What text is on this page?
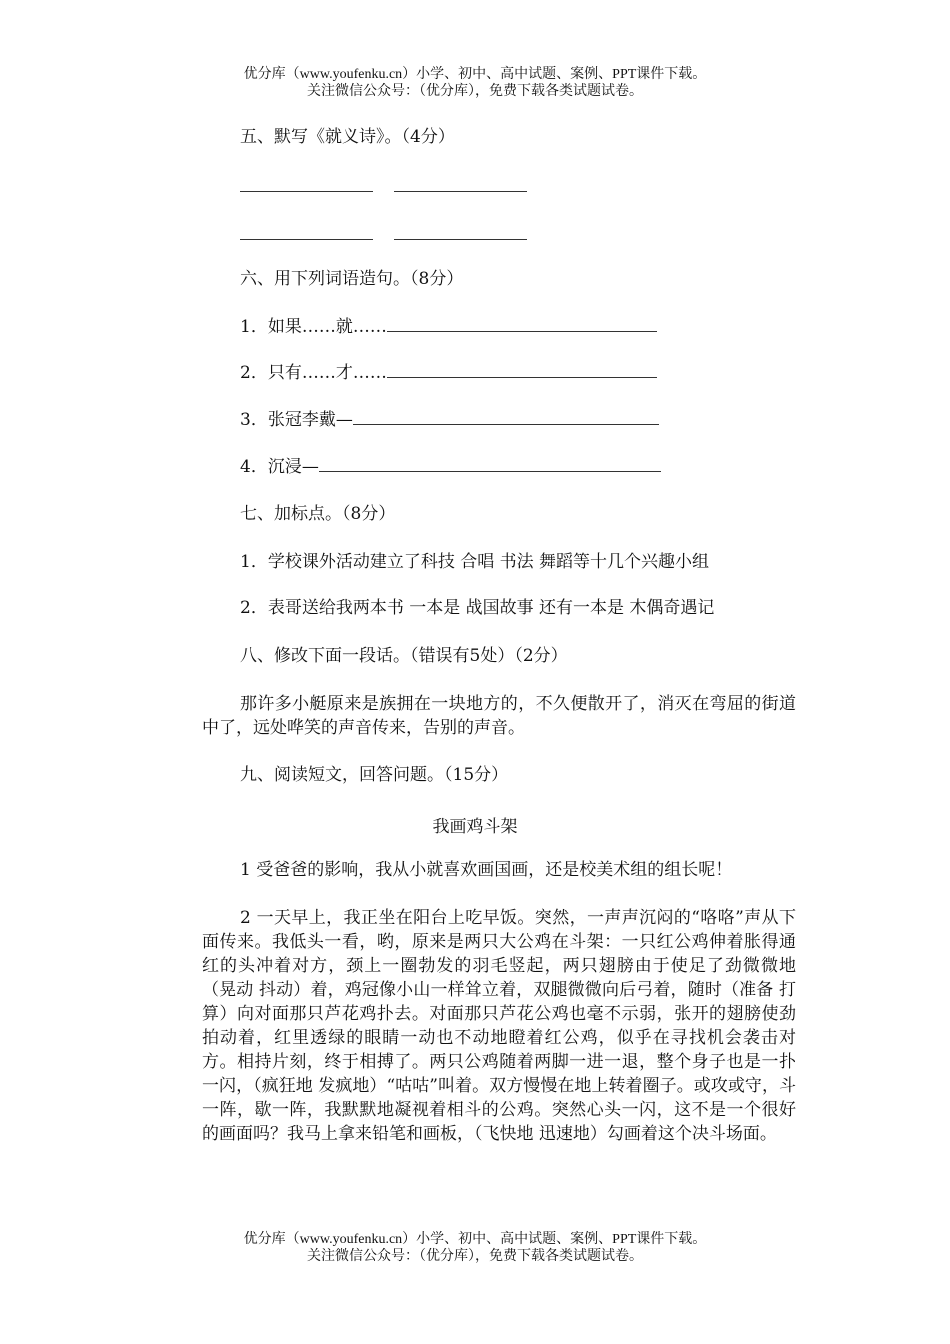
优分库（www.youfenku.cn）小学、初中、高中试题、案例、PPT课件下载。
关注微信公众号：（优分库），免费下载各类试题试卷。
五、默写《就义诗》。（4分）

六、用下列词语造句。（8分）
1．如果……就……
2．只有……才……
3．张冠李戴—
4．沉浸—
七、加标点。（8分）
1．学校课外活动建立了科技 合唱 书法 舞蹈等十几个兴趣小组
2．表哥送给我两本书 一本是 战国故事 还有一本是 木偶奇遇记
八、修改下面一段话。（错误有5处）（2分）
那许多小艇原来是族拥在一块地方的，不久便散开了，消灭在弯屈的街道中了，远处哗笑的声音传来，告别的声音。
九、阅读短文，回答问题。（15分）
我画鸡斗架
1 受爸爸的影响，我从小就喜欢画国画，还是校美术组的组长呢！
2 一天早上，我正坐在阳台上吃早饭。突然，一声声沉闷的“咯咯”声从下面传来。我低头一看，哟，原来是两只大公鸡在斗架：一只红公鸡伸着胀得通红的头冲着对方，颈上一圈勃发的羽毛竖起，两只翅膀由于使足了劲微微地（晃动 抖动）着，鸡冠像小山一样耸立着，双腿微微向后弓着，随时（准备 打算）向对面那只芦花鸡扑去。对面那只芦花公鸡也毫不示弱，张开的翅膀使劲拍动着，红里透绿的眼睛一动也不动地瞪着红公鸡，似乎在寻找机会袭击对方。相持片刻，终于相搏了。两只公鸡随着两脚一进一退，整个身子也是一扑一闪，（疯狂地 发疯地）“咕咕”叫着。双方慢慢在地上转着圈子。或攻或守，斗一阵，歇一阵，我默默地凝视着相斗的公鸡。突然心头一闪，这不是一个很好的画面吗？我马上拿来铅笔和画板，（飞快地 迅速地）勾画着这个决斗场面。
优分库（www.youfenku.cn）小学、初中、高中试题、案例、PPT课件下载。
关注微信公众号：（优分库），免费下载各类试题试卷。
